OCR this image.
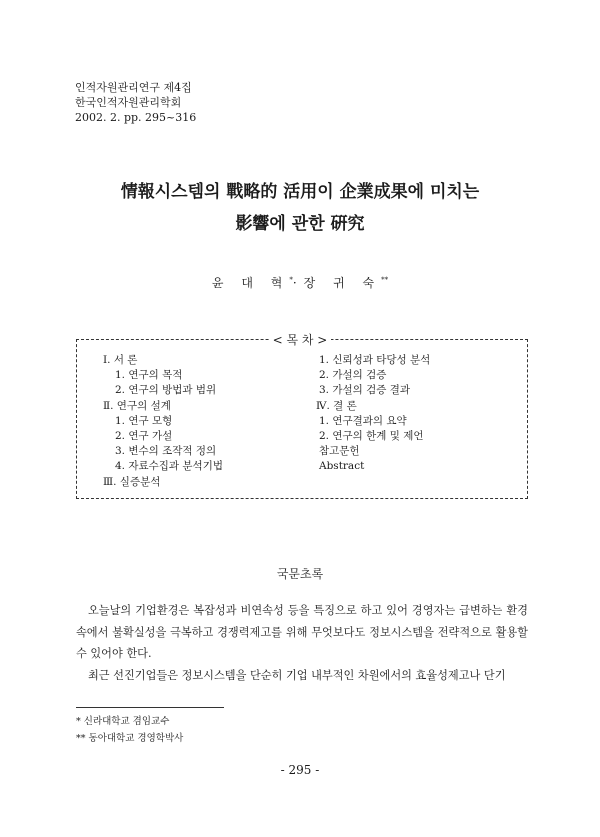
인적자원관리연구 제4집
한국인적자원관리학회
2002. 2. pp. 295~316
情報시스템의 戰略的 活用이 企業成果에 미치는
影響에 관한 硏究
윤 대 혁*·장 귀 숙**
< 목 차 >
Ⅰ. 서 론
1. 연구의 목적
2. 연구의 방법과 범위
Ⅱ. 연구의 설계
1. 연구 모형
2. 연구 가설
3. 변수의 조작적 정의
4. 자료수집과 분석기법
Ⅲ. 실증분석
1. 신뢰성과 타당성 분석
2. 가설의 검증
3. 가설의 검증 결과
Ⅳ. 결 론
1. 연구결과의 요약
2. 연구의 한계 및 제언
참고문헌
Abstract
국문초록

오늘날의 기업환경은 복잡성과 비연속성 등을 특징으로 하고 있어 경영자는 급변하는 환경 속에서 불확실성을 극복하고 경쟁력제고를 위해 무엇보다도 정보시스템을 전략적으로 활용할 수 있어야 한다.

최근 선진기업들은 정보시스템을 단순히 기업 내부적인 차원에서의 효율성제고나 단기

* 신라대학교 겸임교수
** 동아대학교 경영학박사
- 295 -
